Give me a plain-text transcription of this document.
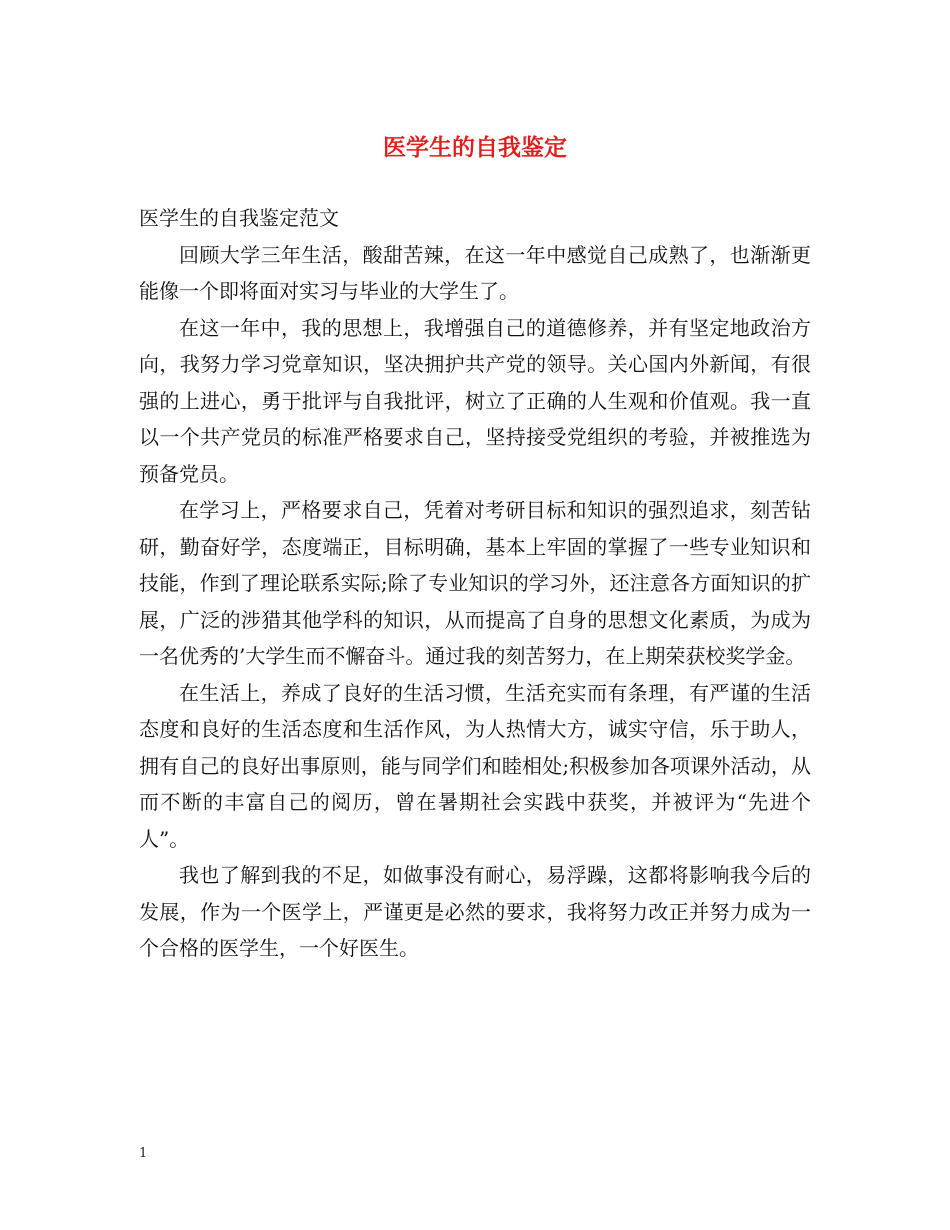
医学生的自我鉴定

医学生的自我鉴定范文

回顾大学三年生活，酸甜苦辣，在这一年中感觉自己成熟了，也渐渐更能像一个即将面对实习与毕业的大学生了。

在这一年中，我的思想上，我增强自己的道德修养，并有坚定地政治方向，我努力学习党章知识，坚决拥护共产党的领导。关心国内外新闻，有很强的上进心，勇于批评与自我批评，树立了正确的人生观和价值观。我一直以一个共产党员的标准严格要求自己，坚持接受党组织的考验，并被推选为预备党员。

在学习上，严格要求自己，凭着对考研目标和知识的强烈追求，刻苦钻研，勤奋好学，态度端正，目标明确，基本上牢固的掌握了一些专业知识和技能，作到了理论联系实际;除了专业知识的学习外，还注意各方面知识的扩展，广泛的涉猎其他学科的知识，从而提高了自身的思想文化素质，为成为一名优秀的’大学生而不懈奋斗。通过我的刻苦努力，在上期荣获校奖学金。

在生活上，养成了良好的生活习惯，生活充实而有条理，有严谨的生活态度和良好的生活态度和生活作风，为人热情大方，诚实守信，乐于助人，拥有自己的良好出事原则，能与同学们和睦相处;积极参加各项课外活动，从而不断的丰富自己的阅历，曾在暑期社会实践中获奖，并被评为“先进个人”。

我也了解到我的不足，如做事没有耐心，易浮躁，这都将影响我今后的发展，作为一个医学上，严谨更是必然的要求，我将努力改正并努力成为一个合格的医学生，一个好医生。

1
